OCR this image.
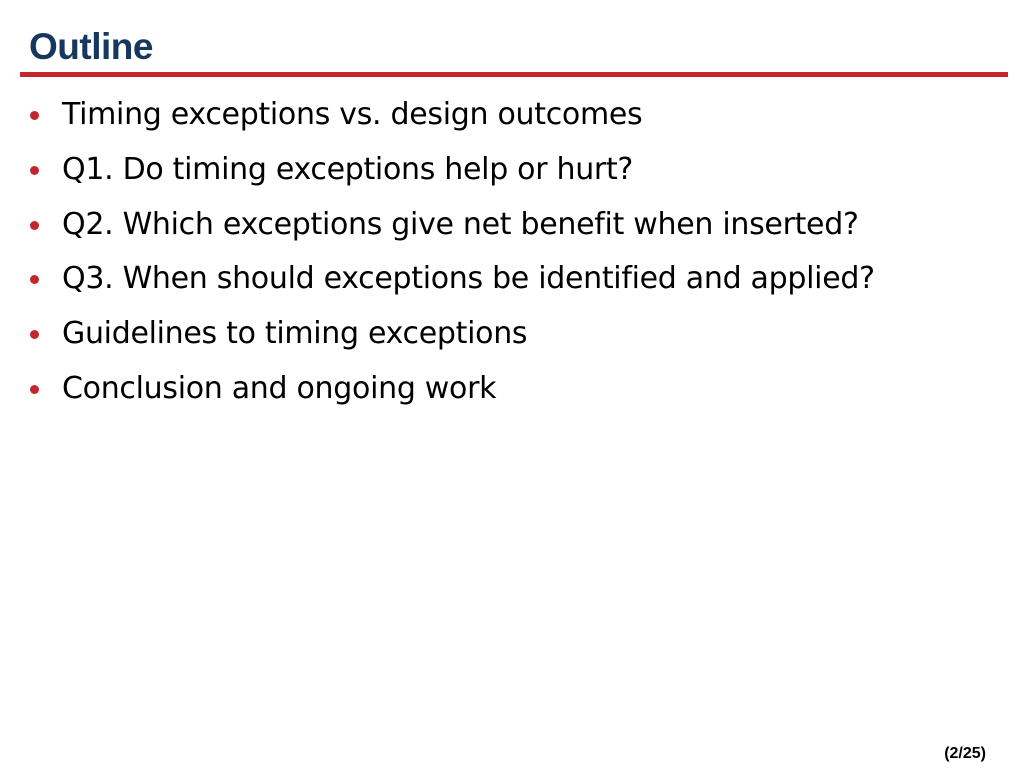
Outline
Timing exceptions vs. design outcomes
Q1. Do timing exceptions help or hurt?
Q2. Which exceptions give net benefit when inserted?
Q3. When should exceptions be identified and applied?
Guidelines to timing exceptions
Conclusion and ongoing work
(2/25)
